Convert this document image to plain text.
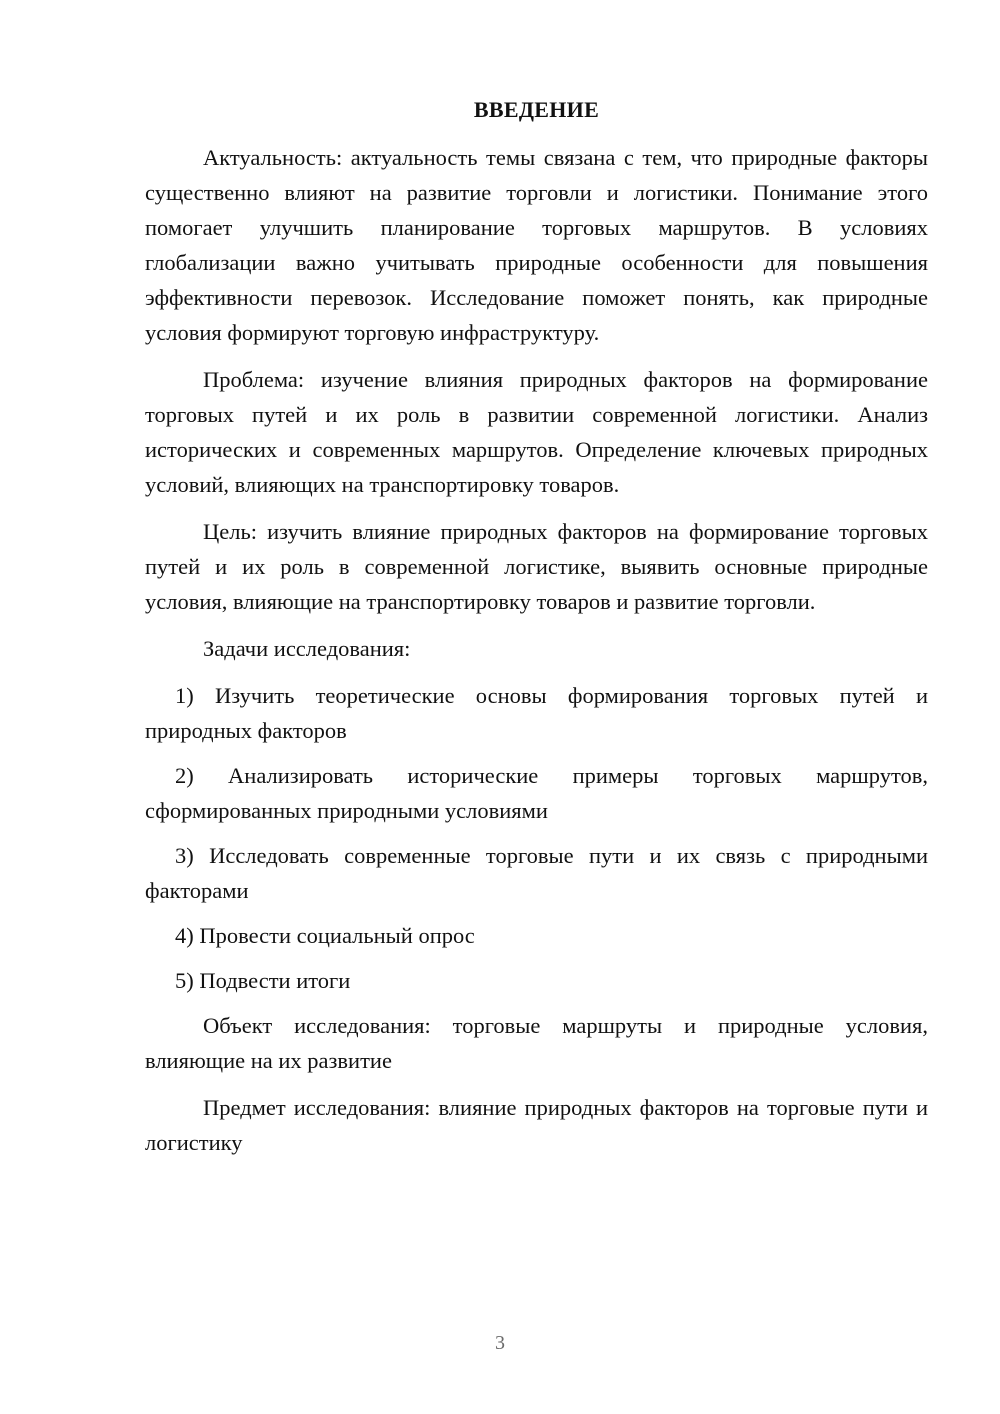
ВВЕДЕНИЕ

Актуальность: актуальность темы связана с тем, что природные факторы существенно влияют на развитие торговли и логистики. Понимание этого помогает улучшить планирование торговых маршрутов. В условиях глобализации важно учитывать природные особенности для повышения эффективности перевозок. Исследование поможет понять, как природные условия формируют торговую инфраструктуру.

Проблема: изучение влияния природных факторов на формирование торговых путей и их роль в развитии современной логистики. Анализ исторических и современных маршрутов. Определение ключевых природных условий, влияющих на транспортировку товаров.

Цель: изучить влияние природных факторов на формирование торговых путей и их роль в современной логистике, выявить основные природные условия, влияющие на транспортировку товаров и развитие торговли.

Задачи исследования:

1) Изучить теоретические основы формирования торговых путей и природных факторов
2) Анализировать исторические примеры торговых маршрутов, сформированных природными условиями
3) Исследовать современные торговые пути и их связь с природными факторами
4) Провести социальный опрос
5) Подвести итоги

Объект исследования: торговые маршруты и природные условия, влияющие на их развитие

Предмет исследования: влияние природных факторов на торговые пути и логистику

3
